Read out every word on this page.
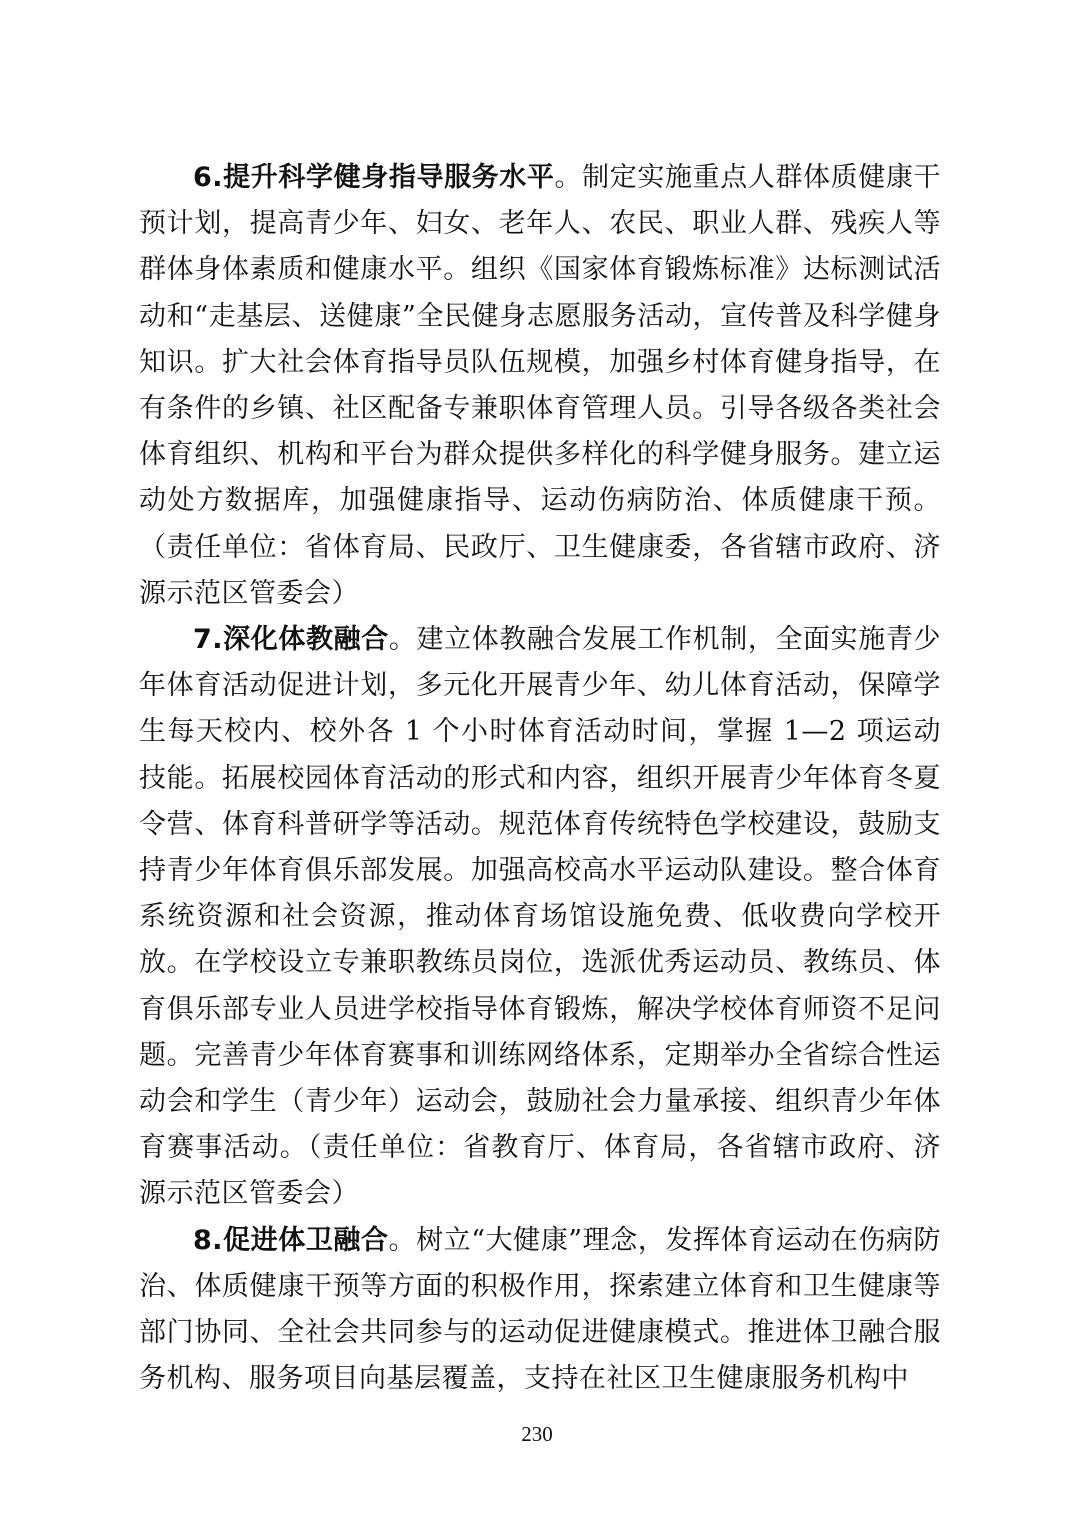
6.提升科学健身指导服务水平。制定实施重点人群体质健康干预计划，提高青少年、妇女、老年人、农民、职业人群、残疾人等群体身体素质和健康水平。组织《国家体育锻炼标准》达标测试活动和“走基层、送健康”全民健身志愿服务活动，宣传普及科学健身知识。扩大社会体育指导员队伍规模，加强乡村体育健身指导，在有条件的乡镇、社区配备专兼职体育管理人员。引导各级各类社会体育组织、机构和平台为群众提供多样化的科学健身服务。建立运动处方数据库，加强健康指导、运动伤病防治、体质健康干预。（责任单位：省体育局、民政厅、卫生健康委，各省辖市政府、济源示范区管委会）

7.深化体教融合。建立体教融合发展工作机制，全面实施青少年体育活动促进计划，多元化开展青少年、幼儿体育活动，保障学生每天校内、校外各 1 个小时体育活动时间，掌握 1—2 项运动技能。拓展校园体育活动的形式和内容，组织开展青少年体育冬夏令营、体育科普研学等活动。规范体育传统特色学校建设，鼓励支持青少年体育俱乐部发展。加强高校高水平运动队建设。整合体育系统资源和社会资源，推动体育场馆设施免费、低收费向学校开放。在学校设立专兼职教练员岗位，选派优秀运动员、教练员、体育俱乐部专业人员进学校指导体育锻炼，解决学校体育师资不足问题。完善青少年体育赛事和训练网络体系，定期举办全省综合性运动会和学生（青少年）运动会，鼓励社会力量承接、组织青少年体育赛事活动。（责任单位：省教育厅、体育局，各省辖市政府、济源示范区管委会）

8.促进体卫融合。树立“大健康”理念，发挥体育运动在伤病防治、体质健康干预等方面的积极作用，探索建立体育和卫生健康等部门协同、全社会共同参与的运动促进健康模式。推进体卫融合服务机构、服务项目向基层覆盖，支持在社区卫生健康服务机构中

230
